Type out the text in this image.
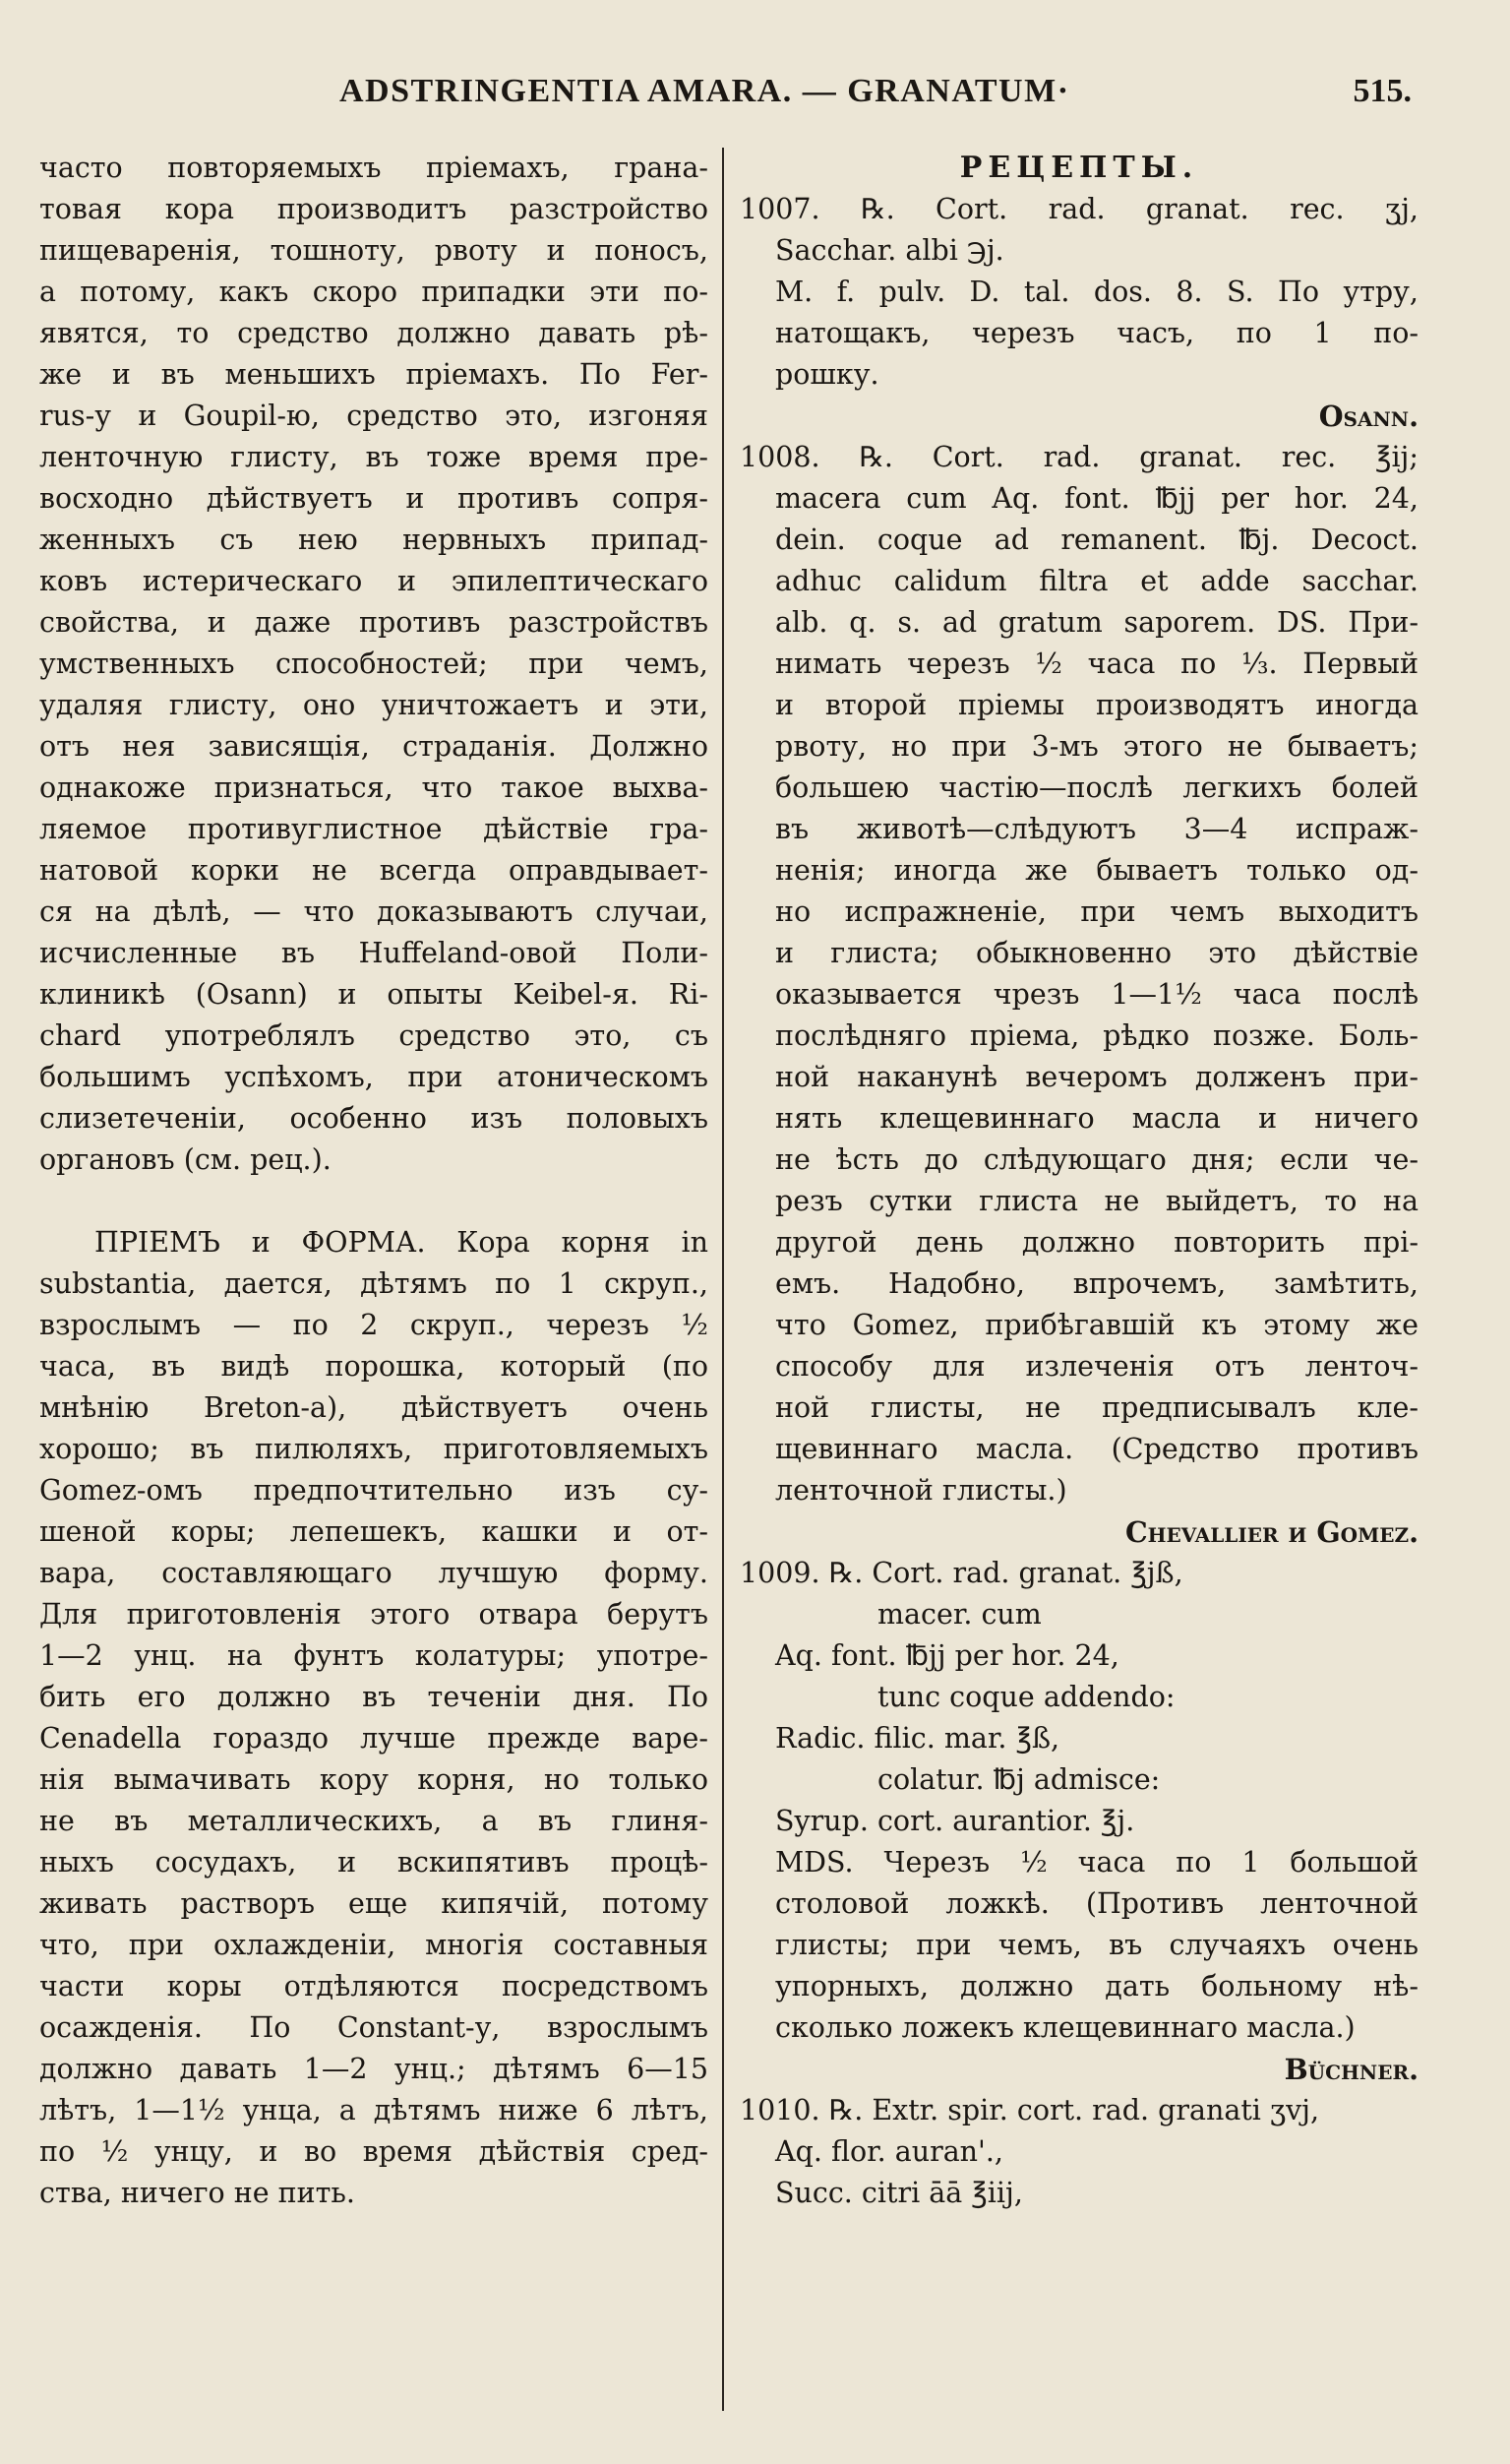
ADSTRINGENTIA AMARA. — GRANATUM·	515.
часто повторяемыхъ пріемахъ, грана-
товая кора производитъ разстройство
пищеваренія, тошноту, рвоту и поносъ,
а потому, какъ скоро припадки эти по-
явятся, то средство должно давать рѣ-
же и въ меньшихъ пріемахъ. По Fer-
rus-у и Goupil-ю, средство это, изгоняя
ленточную глисту, въ тоже время пре-
восходно дѣйствуетъ и противъ сопря-
женныхъ съ нею нервныхъ припад-
ковъ истерическаго и эпилептическаго
свойства, и даже противъ разстройствъ
умственныхъ способностей; при чемъ,
удаляя глисту, оно уничтожаетъ и эти,
отъ нея зависящія, страданія. Должно
однакоже признаться, что такое выхва-
ляемое противуглистное дѣйствіе гра-
натовой корки не всегда оправдывает-
ся на дѣлѣ, — что доказываютъ случаи,
исчисленные въ Huffeland-овой Поли-
клиникѣ (Osann) и опыты Keibel-я. Ri-
chard употреблялъ средство это, съ
большимъ успѣхомъ, при атоническомъ
слизетеченіи, особенно изъ половыхъ
органовъ (см. рец.).
ПРІЕМЪ и ФОРМА. Кора корня in
substantia, дается, дѣтямъ по 1 скруп.,
взрослымъ — по 2 скруп., черезъ ½
часа, въ видѣ порошка, который (по
мнѣнію Breton-а), дѣйствуетъ очень
хорошо; въ пилюляхъ, приготовляемыхъ
Gomez-омъ предпочтительно изъ су-
шеной коры; лепешекъ, кашки и от-
вара, составляющаго лучшую форму.
Для приготовленія этого отвара берутъ
1—2 унц. на фунтъ колатуры; употре-
бить его должно въ теченіи дня. По
Cenadella гораздо лучше прежде варе-
нія вымачивать кору корня, но только
не въ металлическихъ, а въ глиня-
ныхъ сосудахъ, и вскипятивъ процѣ-
живать растворъ еще кипячій, потому
что, при охлажденіи, многія составныя
части коры отдѣляются посредствомъ
осажденія. По Constant-у, взрослымъ
должно давать 1—2 унц.; дѣтямъ 6—15
лѣтъ, 1—1½ унца, а дѣтямъ ниже 6 лѣтъ,
по ½ унцу, и во время дѣйствія сред-
ства, ничего не пить.
РЕЦЕПТЫ.
1007. ℞. Cort. rad. granat. rec. ʒj,
Sacchar. albi ℈j.
M. f. pulv. D. tal. dos. 8. S. По утру,
натощакъ, черезъ часъ, по 1 по-
рошку.
Osann.
1008. ℞. Cort. rad. granat. rec. ℥ij;
macera cum Aq. font. ℔jj per hor. 24,
dein. coque ad remanent. ℔j. Decoct.
adhuc calidum filtra et adde sacchar.
alb. q. s. ad gratum saporem. DS. При-
нимать черезъ ½ часа по ⅓. Первый
и второй пріемы производятъ иногда
рвоту, но при 3-мъ этого не бываетъ;
большею частію—послѣ легкихъ болей
въ животѣ—слѣдуютъ 3—4 испраж-
ненія; иногда же бываетъ только од-
но испражненіе, при чемъ выходитъ
и глиста; обыкновенно это дѣйствіе
оказывается чрезъ 1—1½ часа послѣ
послѣдняго пріема, рѣдко позже. Боль-
ной наканунѣ вечеромъ долженъ при-
нять клещевиннаго масла и ничего
не ѣсть до слѣдующаго дня; если че-
резъ сутки глиста не выйдетъ, то на
другой день должно повторить прі-
емъ. Надобно, впрочемъ, замѣтить,
что Gomez, прибѣгавшій къ этому же
способу для излеченія отъ ленточ-
ной глисты, не предписывалъ кле-
щевиннаго масла. (Средство противъ
ленточной глисты.)
Chevallier и Gomez.
1009. ℞. Cort. rad. granat. ℥jß,
macer. cum
Aq. font. ℔jj per hor. 24,
tunc coque addendo:
Radic. filic. mar. ℥ß,
colatur. ℔j admisce:
Syrup. cort. aurantior. ℥j.
MDS. Черезъ ½ часа по 1 большой
столовой ложкѣ. (Противъ ленточной
глисты; при чемъ, въ случаяхъ очень
упорныхъ, должно дать больному нѣ-
сколько ложекъ клещевиннаго масла.)
Büchner.
1010. ℞. Extr. spir. cort. rad. granati ʒvj,
Aq. flor. auran'.,
Succ. citri āā ℥iij,
